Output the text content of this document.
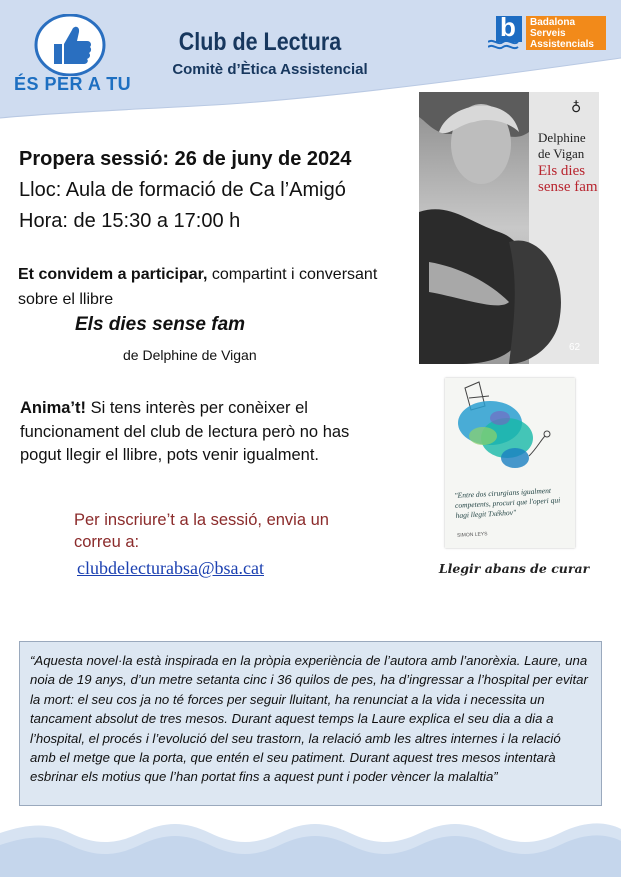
ÉS PER A TU
Club de Lectura
Comitè d’Ètica Assistencial
b Badalona
Serveis
Assistencials
Propera sessió: 26 de juny de 2024
Lloc: Aula de formació de Ca l’Amigó
Hora: de 15:30 a 17:00 h
Et convidem a participar, compartint i conversant sobre el llibre
Els dies sense fam
de Delphine de Vigan
Anima’t! Si tens interès per conèixer el funcionament del club de lectura però no has pogut llegir el llibre, pots venir igualment.
Per inscriure’t a la sessió, envia un correu a:
clubdelecturabsa@bsa.cat
♁
Delphine
de Vigan
Els dies
sense fam
62
"Entre dos cirurgians igualment competents, procuri que l'operi qui hagi llegit Txékhov"
SIMON LEYS
Llegir abans de curar
“Aquesta novel·la està inspirada en la pròpia experiència de l’autora amb l’anorèxia. Laure, una noia de 19 anys, d’un metre setanta cinc i 36 quilos de pes, ha d’ingressar a l’hospital per evitar la mort: el seu cos ja no té forces per seguir lluitant, ha renunciat a la vida i necessita un tancament absolut de tres mesos. Durant aquest temps la Laure explica el seu dia a dia a l’hospital, el procés i l’evolució del seu trastorn, la relació amb les altres internes i la relació amb el metge que la porta, que entén el seu patiment. Durant aquest tres mesos intentarà esbrinar els motius que l’han portat fins a aquest punt i poder vèncer la malaltia”
